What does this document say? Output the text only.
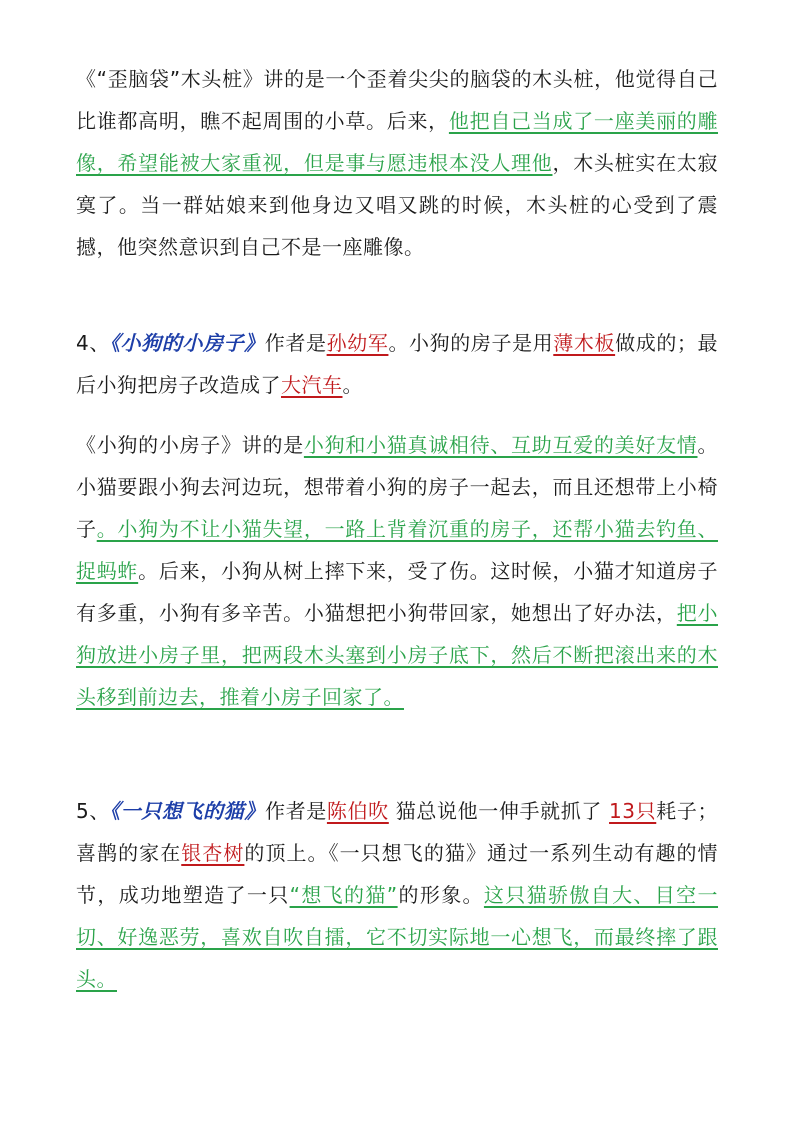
《“歪脑袋”木头桩》讲的是一个歪着尖尖的脑袋的木头桩，他觉得自己比谁都高明，瞧不起周围的小草。后来，他把自己当成了一座美丽的雕像，希望能被大家重视，但是事与愿违根本没人理他，木头桩实在太寂寞了。当一群姑娘来到他身边又唱又跳的时候，木头桩的心受到了震撼，他突然意识到自己不是一座雕像。

4、《小狗的小房子》作者是孙幼军。小狗的房子是用薄木板做成的；最后小狗把房子改造成了大汽车。

《小狗的小房子》讲的是小狗和小猫真诚相待、互助互爱的美好友情。小猫要跟小狗去河边玩，想带着小狗的房子一起去，而且还想带上小椅子。小狗为不让小猫失望，一路上背着沉重的房子，还帮小猫去钓鱼、捉蚂蚱。后来，小狗从树上摔下来，受了伤。这时候，小猫才知道房子有多重，小狗有多辛苦。小猫想把小狗带回家，她想出了好办法，把小狗放进小房子里，把两段木头塞到小房子底下，然后不断把滚出来的木头移到前边去，推着小房子回家了。

5、《一只想飞的猫》作者是陈伯吹 猫总说他一伸手就抓了 13只耗子；喜鹊的家在银杏树的顶上。《一只想飞的猫》通过一系列生动有趣的情节，成功地塑造了一只“想飞的猫”的形象。这只猫骄傲自大、目空一切、好逸恶劳，喜欢自吹自擂，它不切实际地一心想飞，而最终摔了跟头。
